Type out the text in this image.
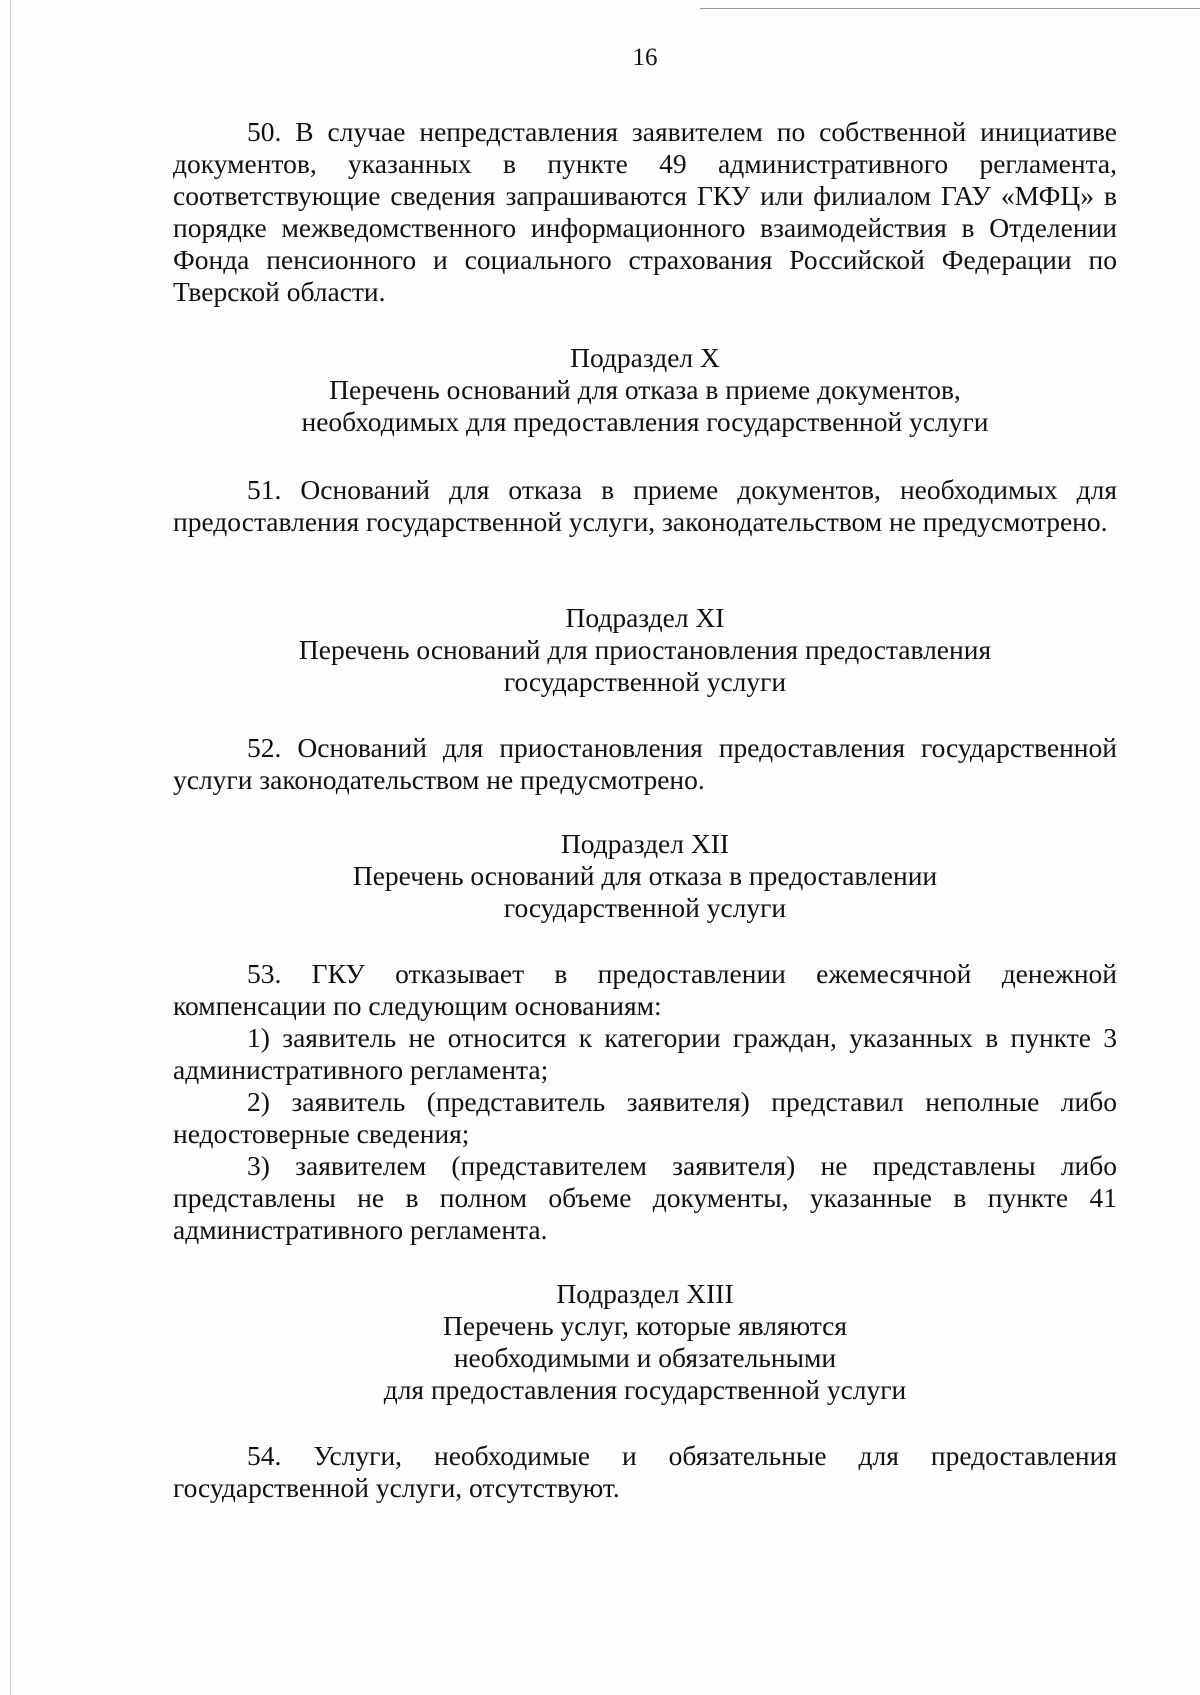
16

50. В случае непредставления заявителем по собственной инициативе документов, указанных в пункте 49 административного регламента, соответствующие сведения запрашиваются ГКУ или филиалом ГАУ «МФЦ» в порядке межведомственного информационного взаимодействия в Отделении Фонда пенсионного и социального страхования Российской Федерации по Тверской области.

Подраздел X
Перечень оснований для отказа в приеме документов,
необходимых для предоставления государственной услуги

51. Оснований для отказа в приеме документов, необходимых для предоставления государственной услуги, законодательством не предусмотрено.

Подраздел XI
Перечень оснований для приостановления предоставления
государственной услуги

52. Оснований для приостановления предоставления государственной услуги законодательством не предусмотрено.

Подраздел XII
Перечень оснований для отказа в предоставлении
государственной услуги

53. ГКУ отказывает в предоставлении ежемесячной денежной компенсации по следующим основаниям:

1) заявитель не относится к категории граждан, указанных в пункте 3 административного регламента;

2) заявитель (представитель заявителя) представил неполные либо недостоверные сведения;

3) заявителем (представителем заявителя) не представлены либо представлены не в полном объеме документы, указанные в пункте 41 административного регламента.

Подраздел XIII
Перечень услуг, которые являются
необходимыми и обязательными
для предоставления государственной услуги

54. Услуги, необходимые и обязательные для предоставления государственной услуги, отсутствуют.
